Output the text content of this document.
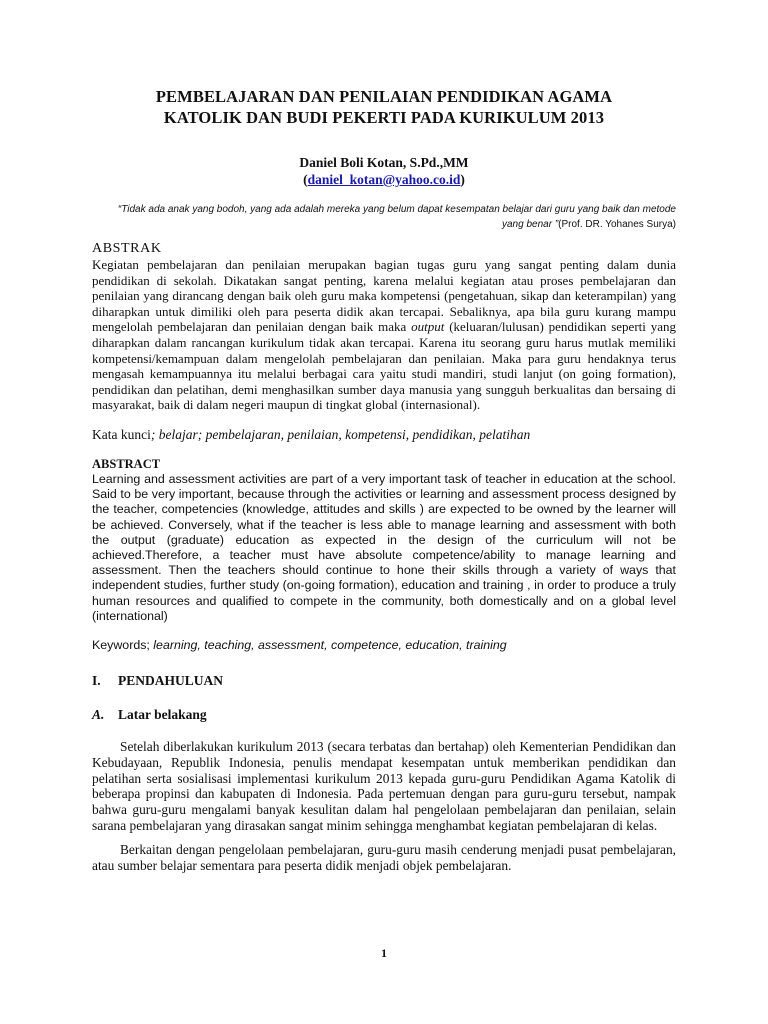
PEMBELAJARAN DAN PENILAIAN PENDIDIKAN AGAMA
KATOLIK DAN BUDI PEKERTI PADA KURIKULUM 2013
Daniel Boli Kotan, S.Pd.,MM
(daniel_kotan@yahoo.co.id)
“Tidak ada anak yang bodoh, yang ada adalah mereka yang belum dapat kesempatan belajar dari guru yang baik dan metode yang benar ”(Prof. DR. Yohanes Surya)
ABSTRAK

Kegiatan pembelajaran dan penilaian merupakan bagian tugas guru yang sangat penting dalam dunia pendidikan di sekolah. Dikatakan sangat penting, karena melalui kegiatan atau proses pembelajaran dan penilaian yang dirancang dengan baik oleh guru maka kompetensi (pengetahuan, sikap dan keterampilan) yang diharapkan untuk dimiliki oleh para peserta didik akan tercapai. Sebaliknya, apa bila guru kurang mampu mengelolah pembelajaran dan penilaian dengan baik maka output (keluaran/lulusan) pendidikan seperti yang diharapkan dalam rancangan kurikulum tidak akan tercapai. Karena itu seorang guru harus mutlak memiliki kompetensi/kemampuan dalam mengelolah pembelajaran dan penilaian. Maka para guru hendaknya terus mengasah kemampuannya itu melalui berbagai cara yaitu studi mandiri, studi lanjut (on going formation), pendidikan dan pelatihan, demi menghasilkan sumber daya manusia yang sungguh berkualitas dan bersaing di masyarakat, baik di dalam negeri maupun di tingkat global (internasional).

Kata kunci; belajar; pembelajaran, penilaian, kompetensi, pendidikan, pelatihan
ABSTRACT

Learning and assessment activities are part of a very important task of teacher in education at the school. Said to be very important, because through the activities or learning and assessment process designed by the teacher, competencies (knowledge, attitudes and skills ) are expected to be owned by the learner will be achieved. Conversely, what if the teacher is less able to manage learning and assessment with both the output (graduate) education as expected in the design of the curriculum will not be achieved.Therefore, a teacher must have absolute competence/ability to manage learning and assessment. Then the teachers should continue to hone their skills through a variety of ways that independent studies, further study (on-going formation), education and training , in order to produce a truly human resources and qualified to compete in the community, both domestically and on a global level (international)

Keywords; learning, teaching, assessment, competence, education, training
I. PENDAHULUAN
A. Latar belakang

Setelah diberlakukan kurikulum 2013 (secara terbatas dan bertahap) oleh Kementerian Pendidikan dan Kebudayaan, Republik Indonesia, penulis mendapat kesempatan untuk memberikan pendidikan dan pelatihan serta sosialisasi implementasi kurikulum 2013 kepada guru-guru Pendidikan Agama Katolik di beberapa propinsi dan kabupaten di Indonesia. Pada pertemuan dengan para guru-guru tersebut, nampak bahwa guru-guru mengalami banyak kesulitan dalam hal pengelolaan pembelajaran dan penilaian, selain sarana pembelajaran yang dirasakan sangat minim sehingga menghambat kegiatan pembelajaran di kelas.

Berkaitan dengan pengelolaan pembelajaran, guru-guru masih cenderung menjadi pusat pembelajaran, atau sumber belajar sementara para peserta didik menjadi objek pembelajaran.

1
